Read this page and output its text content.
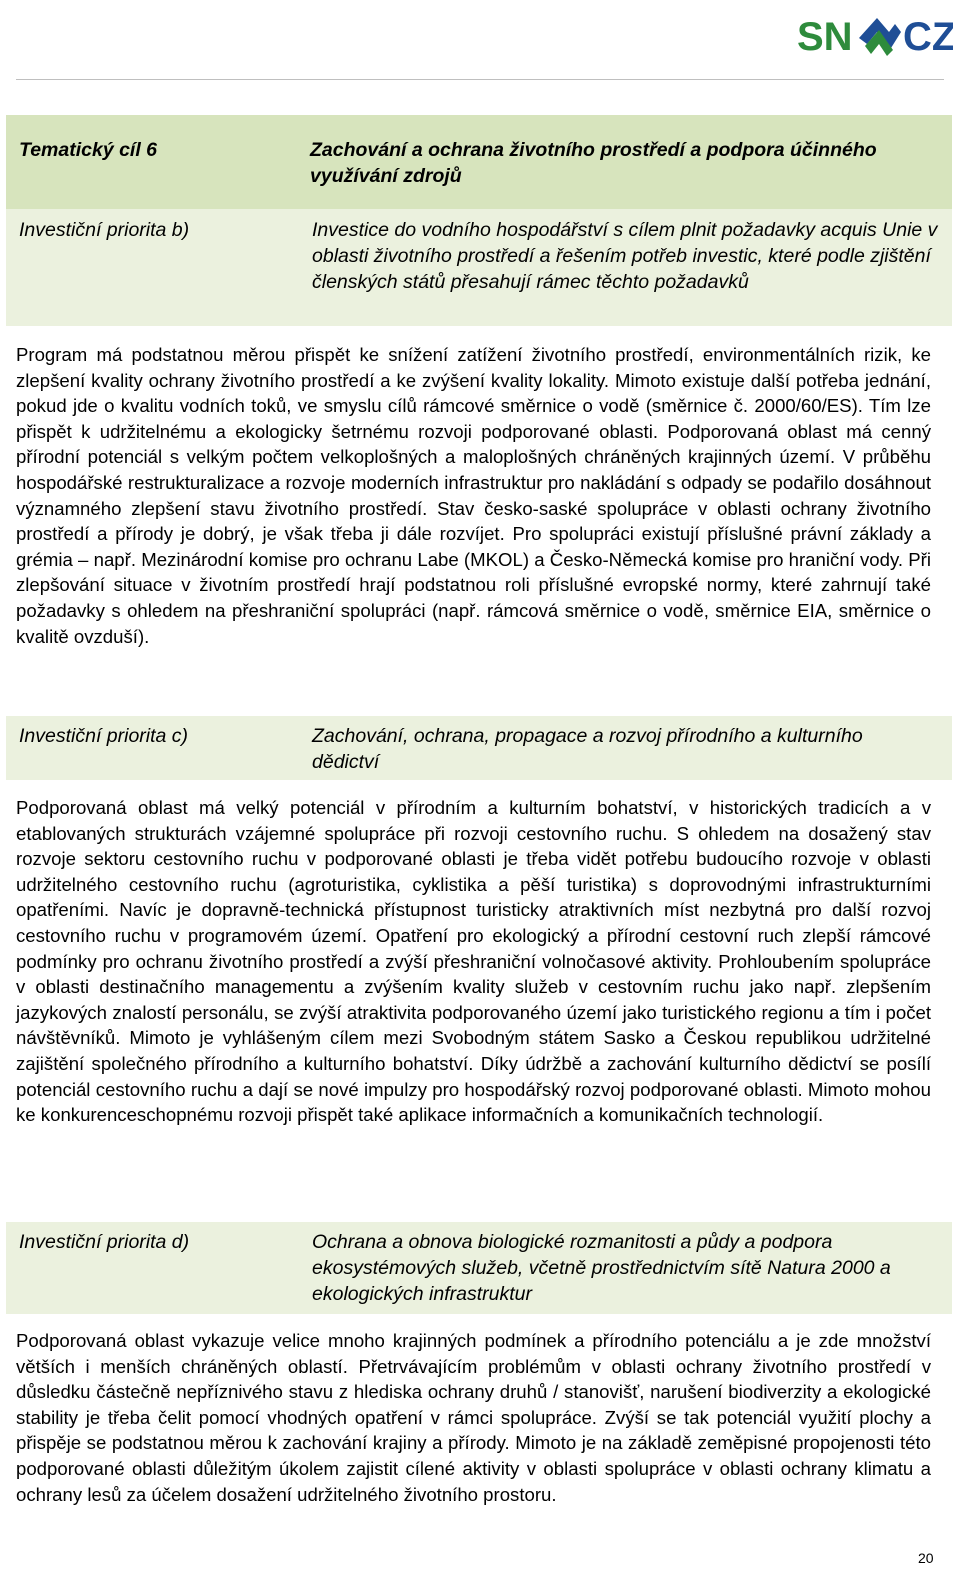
SN CZ
Tematický cíl 6	Zachování a ochrana životního prostředí a podpora účinného využívání zdrojů
Investiční priorita b)	Investice do vodního hospodářství s cílem plnit požadavky acquis Unie v oblasti životního prostředí a řešením potřeb investic, které podle zjištění členských států přesahují rámec těchto požadavků

Program má podstatnou měrou přispět ke snížení zatížení životního prostředí, environmentálních rizik, ke zlepšení kvality ochrany životního prostředí a ke zvýšení kvality lokality. Mimoto existuje další potřeba jednání, pokud jde o kvalitu vodních toků, ve smyslu cílů rámcové směrnice o vodě (směrnice č. 2000/60/ES). Tím lze přispět k udržitelnému a ekologicky šetrnému rozvoji podporované oblasti. Podporovaná oblast má cenný přírodní potenciál s velkým počtem velkoplošných a maloplošných chráněných krajinných území. V průběhu hospodářské restrukturalizace a rozvoje moderních infrastruktur pro nakládání s odpady se podařilo dosáhnout významného zlepšení stavu životního prostředí. Stav česko-saské spolupráce v oblasti ochrany životního prostředí a přírody je dobrý, je však třeba ji dále rozvíjet. Pro spolupráci existují příslušné právní základy a grémia – např. Mezinárodní komise pro ochranu Labe (MKOL) a Česko-Německá komise pro hraniční vody. Při zlepšování situace v životním prostředí hrají podstatnou roli příslušné evropské normy, které zahrnují také požadavky s ohledem na přeshraniční spolupráci (např. rámcová směrnice o vodě, směrnice EIA, směrnice o kvalitě ovzduší).

Investiční priorita c)	Zachování, ochrana, propagace a rozvoj přírodního a kulturního dědictví

Podporovaná oblast má velký potenciál v přírodním a kulturním bohatství, v historických tradicích a v etablovaných strukturách vzájemné spolupráce při rozvoji cestovního ruchu. S ohledem na dosažený stav rozvoje sektoru cestovního ruchu v podporované oblasti je třeba vidět potřebu budoucího rozvoje v oblasti udržitelného cestovního ruchu (agroturistika, cyklistika a pěší turistika) s doprovodnými infrastrukturními opatřeními. Navíc je dopravně-technická přístupnost turisticky atraktivních míst nezbytná pro další rozvoj cestovního ruchu v programovém území. Opatření pro ekologický a přírodní cestovní ruch zlepší rámcové podmínky pro ochranu životního prostředí a zvýší přeshraniční volnočasové aktivity. Prohloubením spolupráce v oblasti destinačního managementu a zvýšením kvality služeb v cestovním ruchu jako např. zlepšením jazykových znalostí personálu, se zvýší atraktivita podporovaného území jako turistického regionu a tím i počet návštěvníků. Mimoto je vyhlášeným cílem mezi Svobodným státem Sasko a Českou republikou udržitelné zajištění společného přírodního a kulturního bohatství. Díky údržbě a zachování kulturního dědictví se posílí potenciál cestovního ruchu a dají se nové impulzy pro hospodářský rozvoj podporované oblasti. Mimoto mohou ke konkurenceschopnému rozvoji přispět také aplikace informačních a komunikačních technologií.

Investiční priorita d)	Ochrana a obnova biologické rozmanitosti a půdy a podpora ekosystémových služeb, včetně prostřednictvím sítě Natura 2000 a ekologických infrastruktur

Podporovaná oblast vykazuje velice mnoho krajinných podmínek a přírodního potenciálu a je zde množství větších i menších chráněných oblastí. Přetrvávajícím problémům v oblasti ochrany životního prostředí v důsledku částečně nepříznivého stavu z hlediska ochrany druhů / stanovišť, narušení biodiverzity a ekologické stability je třeba čelit pomocí vhodných opatření v rámci spolupráce. Zvýší se tak potenciál využití plochy a přispěje se podstatnou měrou k zachování krajiny a přírody. Mimoto je na základě zeměpisné propojenosti této podporované oblasti důležitým úkolem zajistit cílené aktivity v oblasti spolupráce v oblasti ochrany klimatu a ochrany lesů za účelem dosažení udržitelného životního prostoru.

20
